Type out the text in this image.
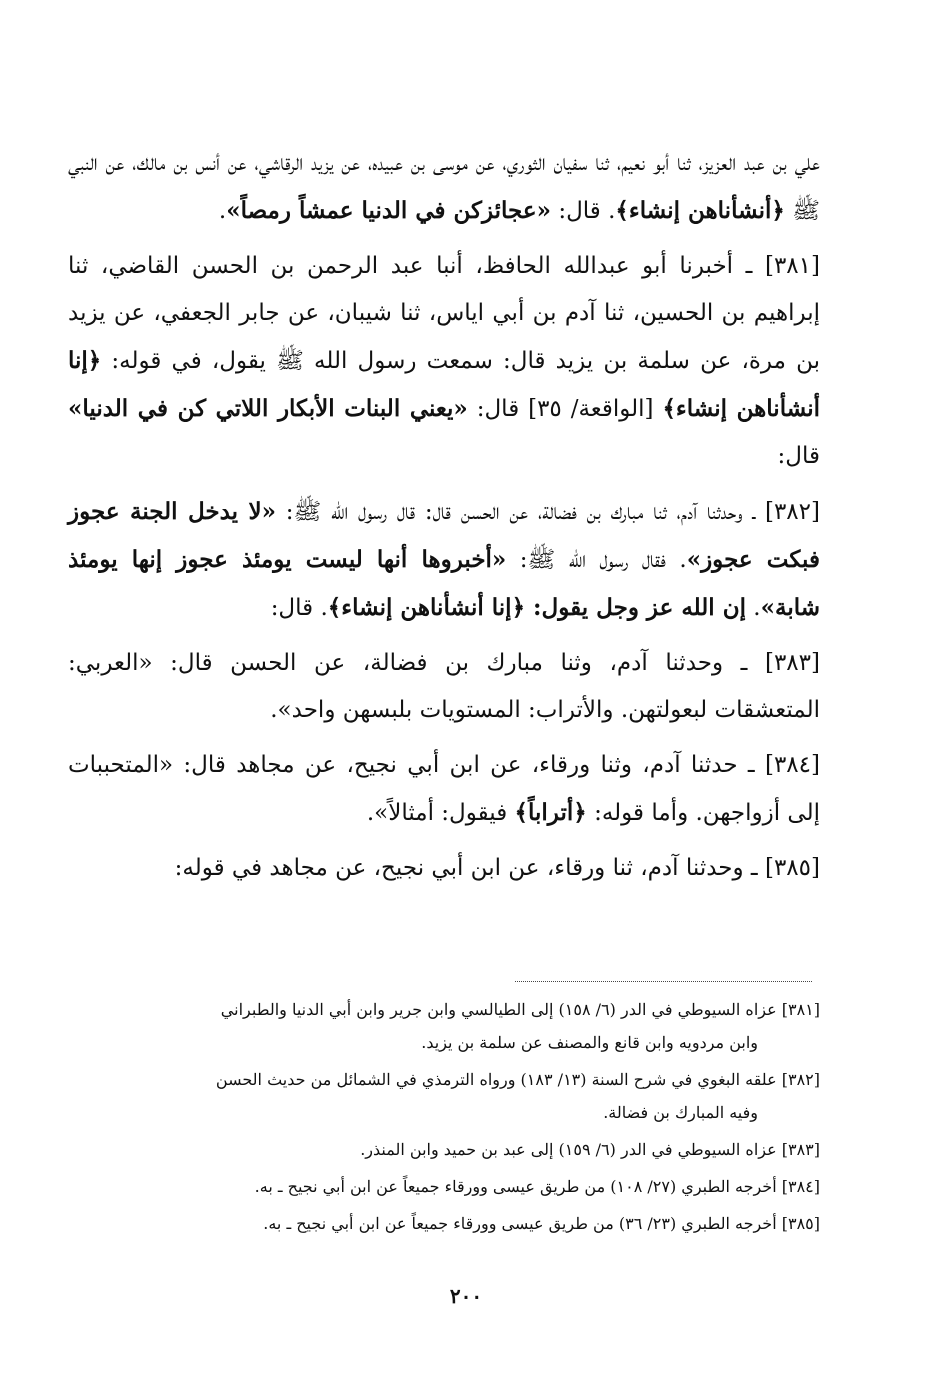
علي بن عبد العزيز، ثنا أبو نعيم، ثنا سفيان الثوري، عن موسى بن عبيده، عن يزيد الرقاشي، عن أنس بن مالك، عن النبي ﷺ ﴿أنشأناهن إنشاء﴾. قال: «عجائزكن في الدنيا عمشاً رمصاً».

[٣٨١] ـ أخبرنا أبو عبدالله الحافظ، أنبا عبد الرحمن بن الحسن القاضي، ثنا إبراهيم بن الحسين، ثنا آدم بن أبي اياس، ثنا شيبان، عن جابر الجعفي، عن يزيد بن مرة، عن سلمة بن يزيد قال: سمعت رسول الله ﷺ يقول، في قوله: ﴿إنا أنشأناهن إنشاء﴾ [الواقعة/ ٣٥] قال: «يعني البنات الأبكار اللاتي كن في الدنيا» قال:

[٣٨٢] ـ وحدثنا آدم، ثنا مبارك بن فضالة، عن الحسن قال: قال رسول الله ﷺ: «لا يدخل الجنة عجوز فبكت عجوز». فقال رسول الله ﷺ: «أخبروها أنها ليست يومئذ عجوز إنها يومئذ شابة». إن الله عز وجل يقول: ﴿إنا أنشأناهن إنشاء﴾. قال:

[٣٨٣] ـ وحدثنا آدم، وثنا مبارك بن فضالة، عن الحسن قال: «العربي: المتعشقات لبعولتهن. والأتراب: المستويات بلبسهن واحد».

[٣٨٤] ـ حدثنا آدم، وثنا ورقاء، عن ابن أبي نجيح، عن مجاهد قال: «المتحببات إلى أزواجهن. وأما قوله: ﴿أتراباً﴾ فيقول: أمثالاً».

[٣٨٥] ـ وحدثنا آدم، ثنا ورقاء، عن ابن أبي نجيح، عن مجاهد في قوله:

[٣٨١] عزاه السيوطي في الدر (٦/ ١٥٨) إلى الطيالسي وابن جرير وابن أبي الدنيا والطبراني
وابن مردويه وابن قانع والمصنف عن سلمة بن يزيد.

[٣٨٢] علقه البغوي في شرح السنة (١٣/ ١٨٣) ورواه الترمذي في الشمائل من حديث الحسن
وفيه المبارك بن فضالة.

[٣٨٣] عزاه السيوطي في الدر (٦/ ١٥٩) إلى عبد بن حميد وابن المنذر.

[٣٨٤] أخرجه الطبري (٢٧/ ١٠٨) من طريق عيسى وورقاء جميعاً عن ابن أبي نجيح ـ به.

[٣٨٥] أخرجه الطبري (٢٣/ ٣٦) من طريق عيسى وورقاء جميعاً عن ابن أبي نجيح ـ به.

٢٠٠
